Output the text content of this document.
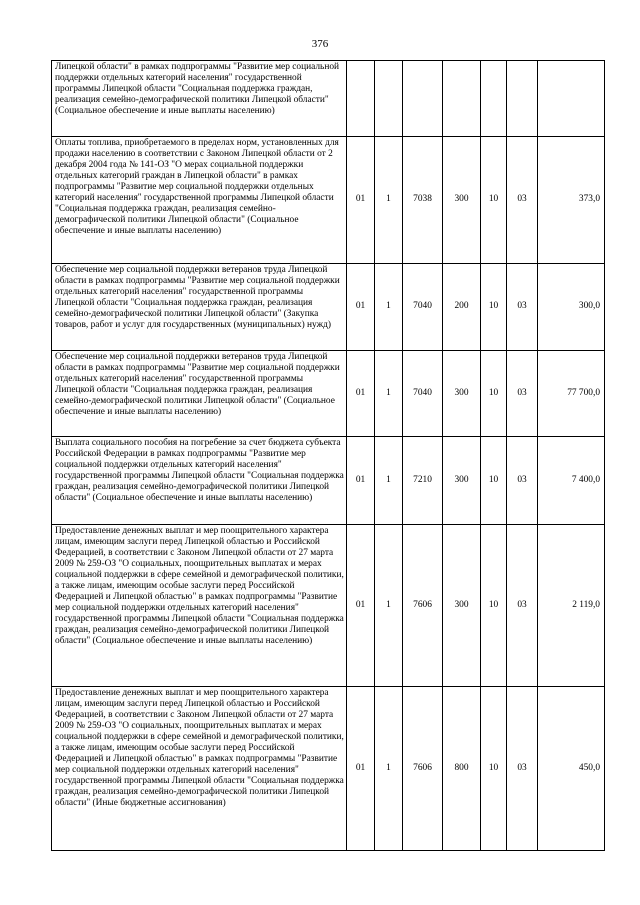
376
Липецкой области" в рамках подпрограммы "Развитие мер социальной поддержки отдельных категорий населения" государственной программы Липецкой области "Социальная поддержка граждан, реализация семейно-демографической политики Липецкой области" (Социальное обеспечение и иные выплаты населению)							
Оплаты топлива, приобретаемого в пределах норм, установленных для продажи населению в соответствии с Законом Липецкой области от 2 декабря 2004 года № 141-ОЗ "О мерах социальной поддержки отдельных категорий граждан в Липецкой области" в рамках подпрограммы "Развитие мер социальной поддержки отдельных категорий населения" государственной программы Липецкой области "Социальная поддержка граждан, реализация семейно-демографической политики Липецкой области" (Социальное обеспечение и иные выплаты населению)	01	1	7038	300	10	03	373,0
Обеспечение мер социальной поддержки ветеранов труда Липецкой области в рамках подпрограммы "Развитие мер социальной поддержки отдельных категорий населения" государственной программы Липецкой области "Социальная поддержка граждан, реализация семейно-демографической политики Липецкой области" (Закупка товаров, работ и услуг для государственных (муниципальных) нужд)	01	1	7040	200	10	03	300,0
Обеспечение мер социальной поддержки ветеранов труда Липецкой области в рамках подпрограммы "Развитие мер социальной поддержки отдельных категорий населения" государственной программы Липецкой области "Социальная поддержка граждан, реализация семейно-демографической политики Липецкой области" (Социальное обеспечение и иные выплаты населению)	01	1	7040	300	10	03	77 700,0
Выплата социального пособия на погребение за счет бюджета субъекта Российской Федерации в рамках подпрограммы "Развитие мер социальной поддержки отдельных категорий населения" государственной программы Липецкой области "Социальная поддержка граждан, реализация семейно-демографической политики Липецкой области" (Социальное обеспечение и иные выплаты населению)	01	1	7210	300	10	03	7 400,0
Предоставление денежных выплат и мер поощрительного характера лицам, имеющим заслуги перед Липецкой областью и Российской Федерацией, в соответствии с Законом Липецкой области от 27 марта 2009 № 259-ОЗ "О социальных, поощрительных выплатах и мерах социальной поддержки в сфере семейной и демографической политики, а также лицам, имеющим особые заслуги перед Российской Федерацией и Липецкой областью" в рамках подпрограммы "Развитие мер социальной поддержки отдельных категорий населения" государственной программы Липецкой области "Социальная поддержка граждан, реализация семейно-демографической политики Липецкой области" (Социальное обеспечение и иные выплаты населению)	01	1	7606	300	10	03	2 119,0
Предоставление денежных выплат и мер поощрительного характера лицам, имеющим заслуги перед Липецкой областью и Российской Федерацией, в соответствии с Законом Липецкой области от 27 марта 2009 № 259-ОЗ "О социальных, поощрительных выплатах и мерах социальной поддержки в сфере семейной и демографической политики, а также лицам, имеющим особые заслуги перед Российской Федерацией и Липецкой областью" в рамках подпрограммы "Развитие мер социальной поддержки отдельных категорий населения" государственной программы Липецкой области "Социальная поддержка граждан, реализация семейно-демографической политики Липецкой области" (Иные бюджетные ассигнования)	01	1	7606	800	10	03	450,0
